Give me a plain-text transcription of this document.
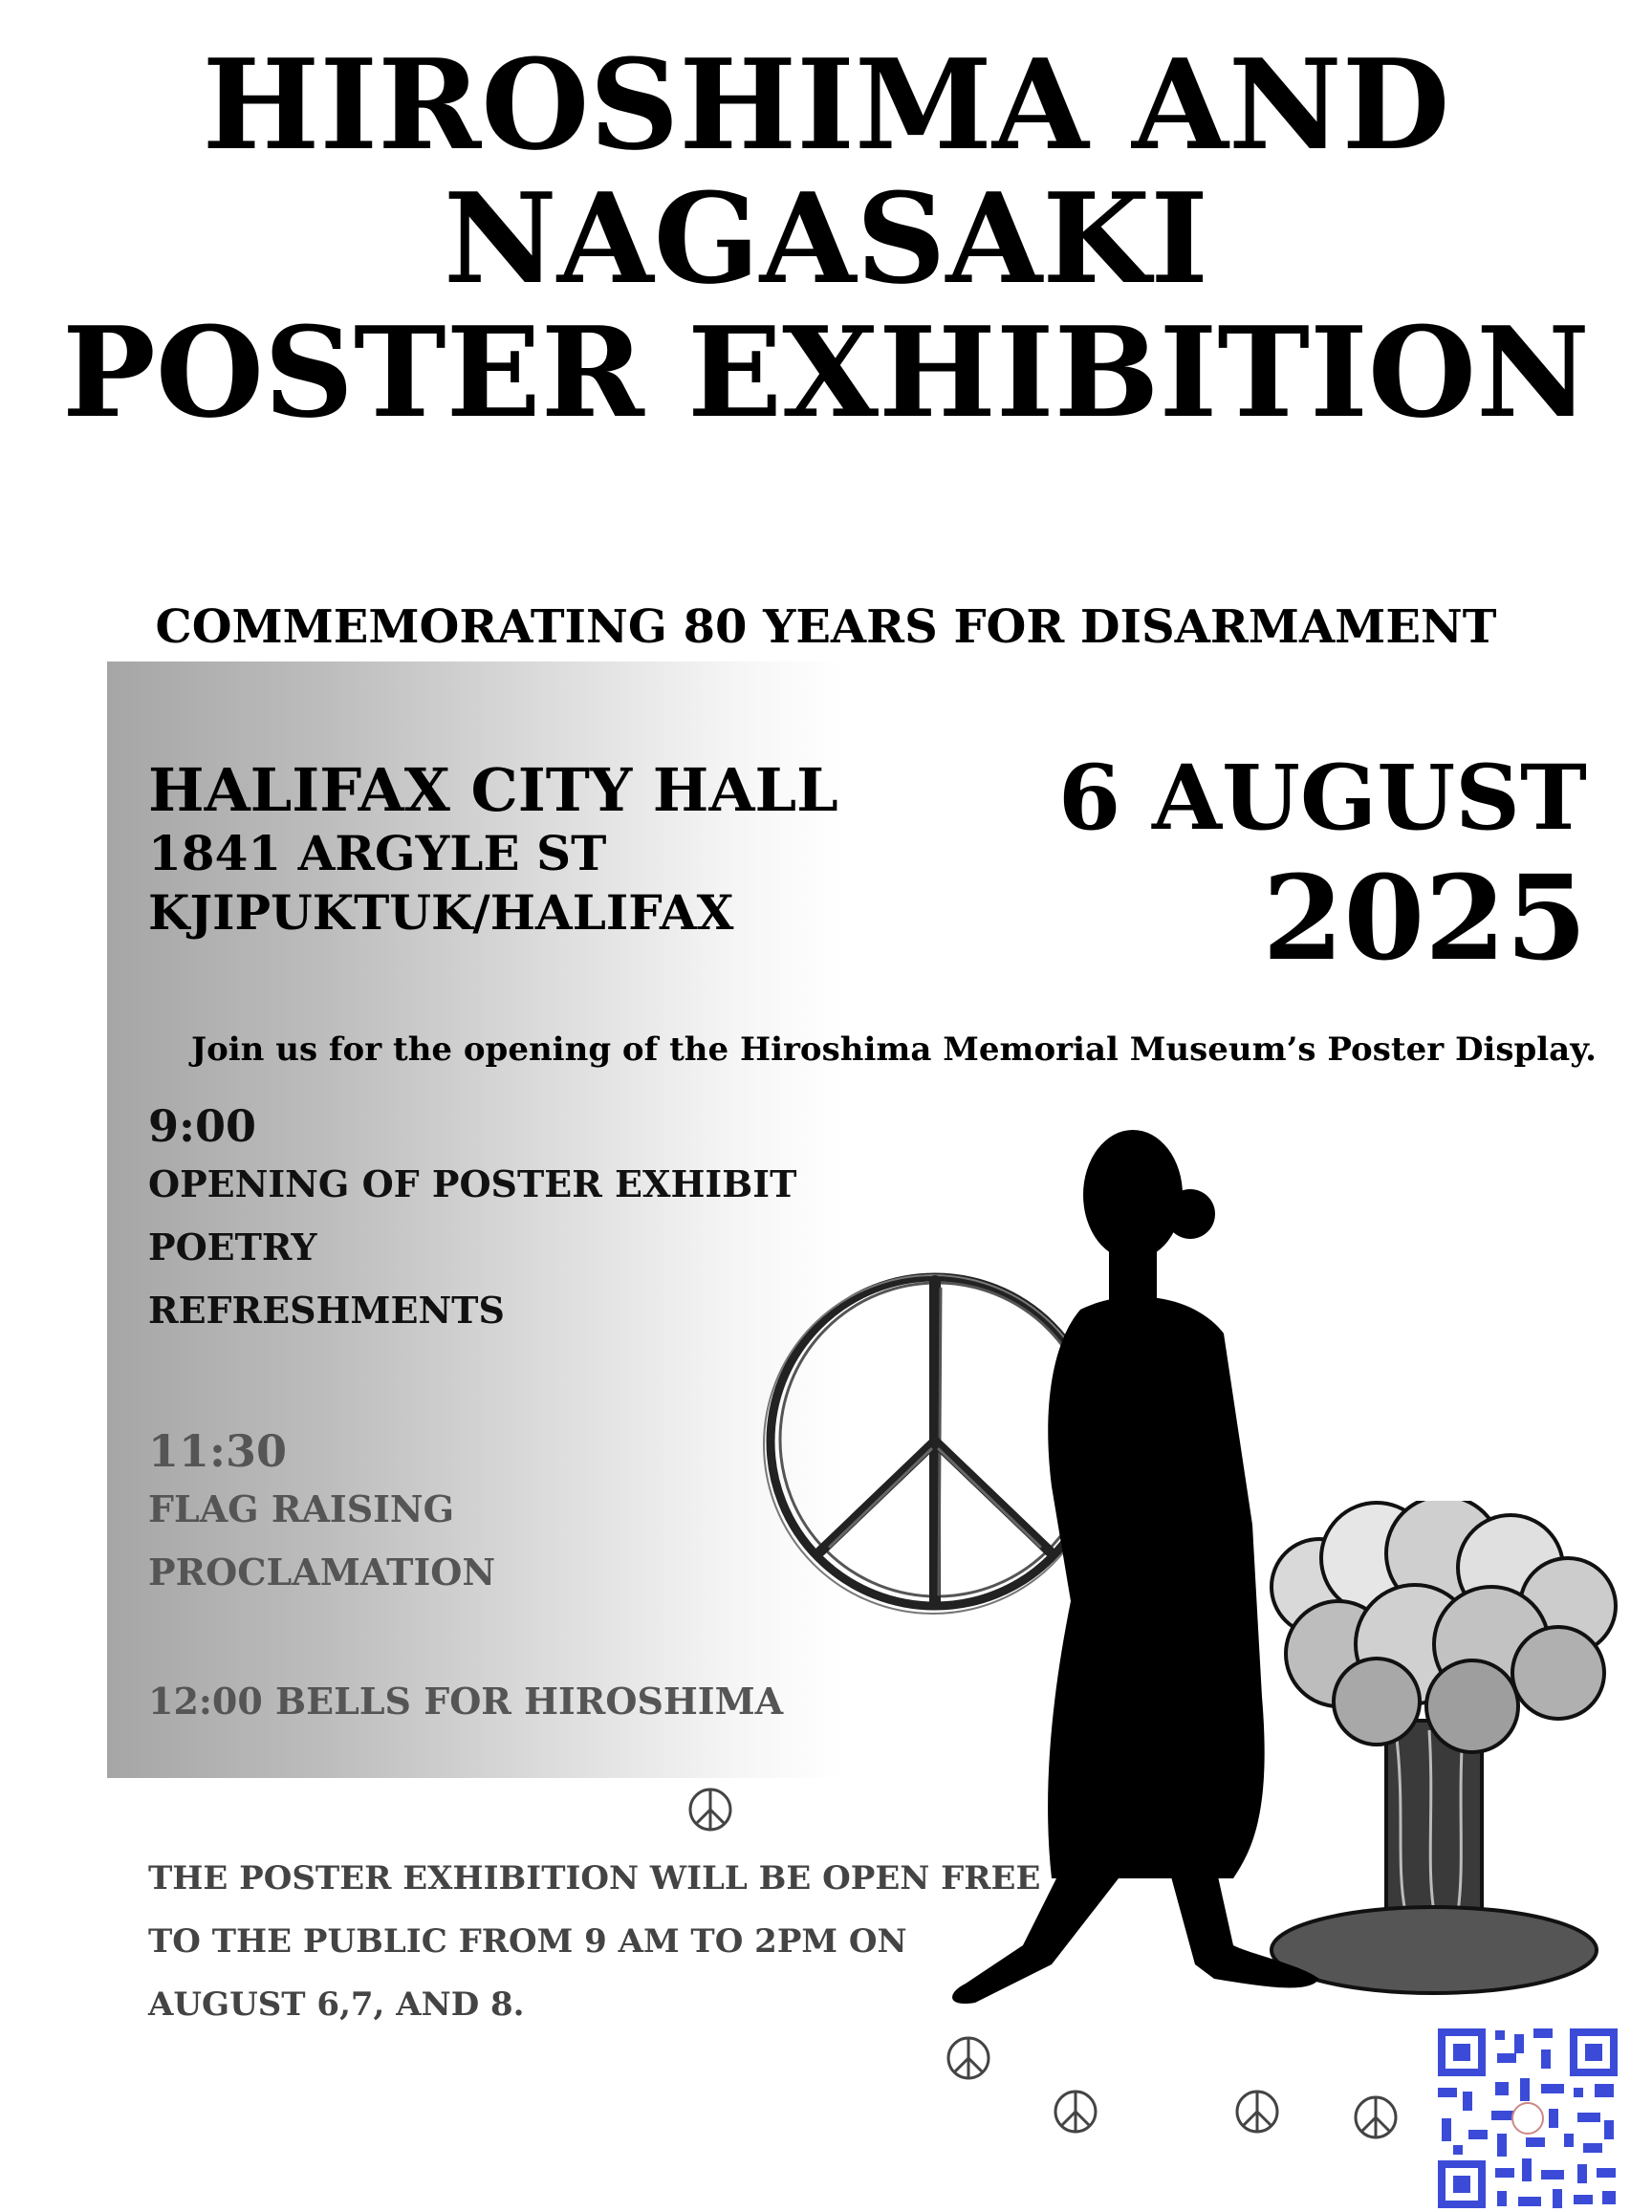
HIROSHIMA AND
NAGASAKI
POSTER EXHIBITION
COMMEMORATING 80 YEARS FOR DISARMAMENT
HALIFAX CITY HALL
1841 ARGYLE ST
KJIPUKTUK/HALIFAX
6 AUGUST
2025
Join us for the opening of the Hiroshima Memorial Museum’s Poster Display.
9:00
OPENING OF POSTER EXHIBIT
POETRY
REFRESHMENTS
11:30
FLAG RAISING
PROCLAMATION
12:00 BELLS FOR HIROSHIMA
THE POSTER EXHIBITION WILL BE OPEN FREE
TO THE PUBLIC FROM 9 AM TO 2PM ON
AUGUST 6,7, AND 8.
